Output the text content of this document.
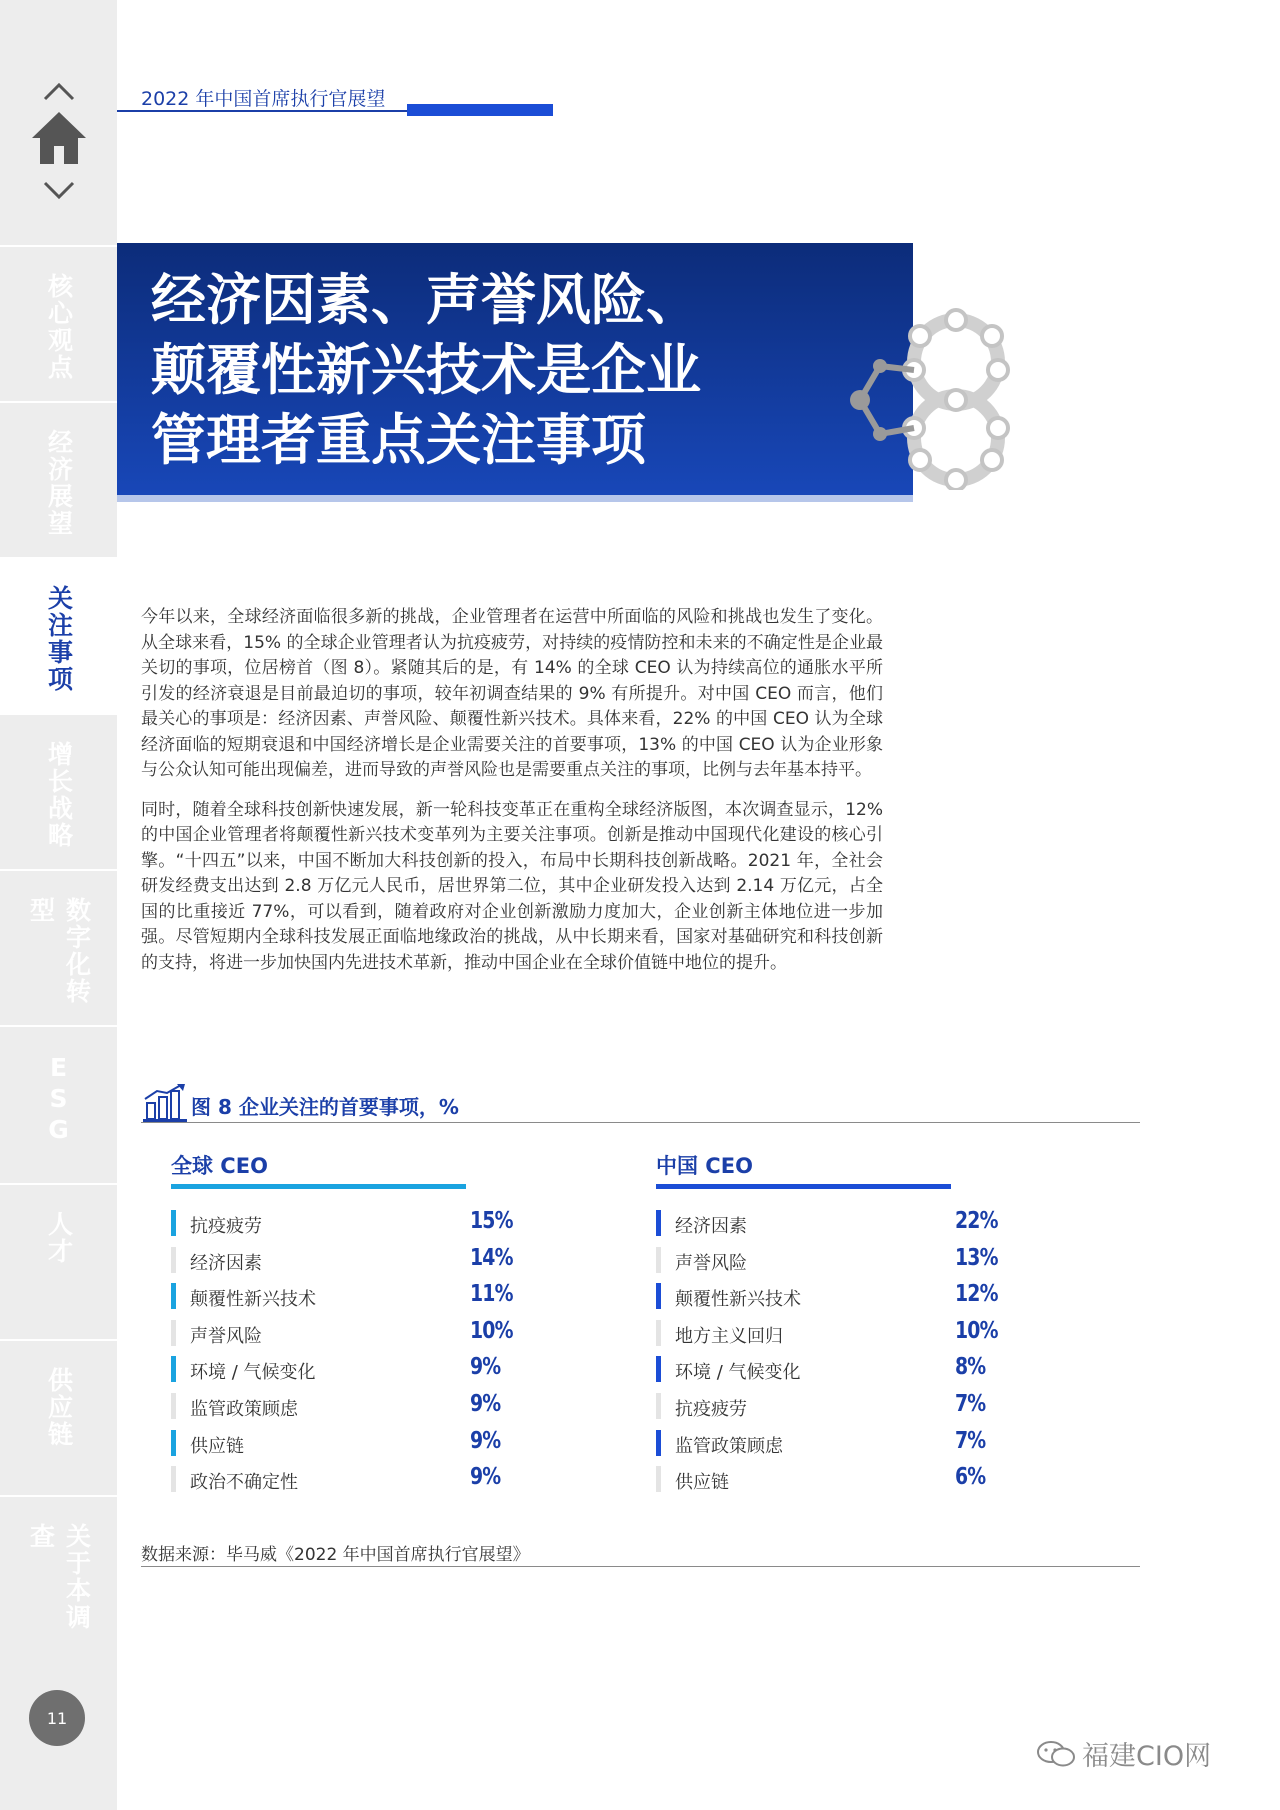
核心观点
经济展望
关注事项
增长战略
数字化转型
ESG
人才
供应链
关于本调查
11
2022 年中国首席执行官展望
经济因素、声誉风险、
颠覆性新兴技术是企业
管理者重点关注事项

今年以来，全球经济面临很多新的挑战，企业管理者在运营中所面临的风险和挑战也发生了变化。从全球来看，15% 的全球企业管理者认为抗疫疲劳，对持续的疫情防控和未来的不确定性是企业最关切的事项，位居榜首（图 8）。紧随其后的是，有 14% 的全球 CEO 认为持续高位的通胀水平所引发的经济衰退是目前最迫切的事项，较年初调查结果的 9% 有所提升。对中国 CEO 而言，他们最关心的事项是：经济因素、声誉风险、颠覆性新兴技术。具体来看，22% 的中国 CEO 认为全球经济面临的短期衰退和中国经济增长是企业需要关注的首要事项，13% 的中国 CEO 认为企业形象与公众认知可能出现偏差，进而导致的声誉风险也是需要重点关注的事项，比例与去年基本持平。

同时，随着全球科技创新快速发展，新一轮科技变革正在重构全球经济版图，本次调查显示，12% 的中国企业管理者将颠覆性新兴技术变革列为主要关注事项。创新是推动中国现代化建设的核心引擎。“十四五”以来，中国不断加大科技创新的投入，布局中长期科技创新战略。2021 年，全社会研发经费支出达到 2.8 万亿元人民币，居世界第二位，其中企业研发投入达到 2.14 万亿元，占全国的比重接近 77%，可以看到，随着政府对企业创新激励力度加大，企业创新主体地位进一步加强。尽管短期内全球科技发展正面临地缘政治的挑战，从中长期来看，国家对基础研究和科技创新的支持，将进一步加快国内先进技术革新，推动中国企业在全球价值链中地位的提升。

图 8 企业关注的首要事项，%
全球 CEO
抗疫疲劳	15%
经济因素	14%
颠覆性新兴技术	11%
声誉风险	10%
环境 / 气候变化	9%
监管政策顾虑	9%
供应链	9%
政治不确定性	9%
中国 CEO
经济因素	22%
声誉风险	13%
颠覆性新兴技术	12%
地方主义回归	10%
环境 / 气候变化	8%
抗疫疲劳	7%
监管政策顾虑	7%
供应链	6%
数据来源：毕马威《2022 年中国首席执行官展望》
福建CIO网
